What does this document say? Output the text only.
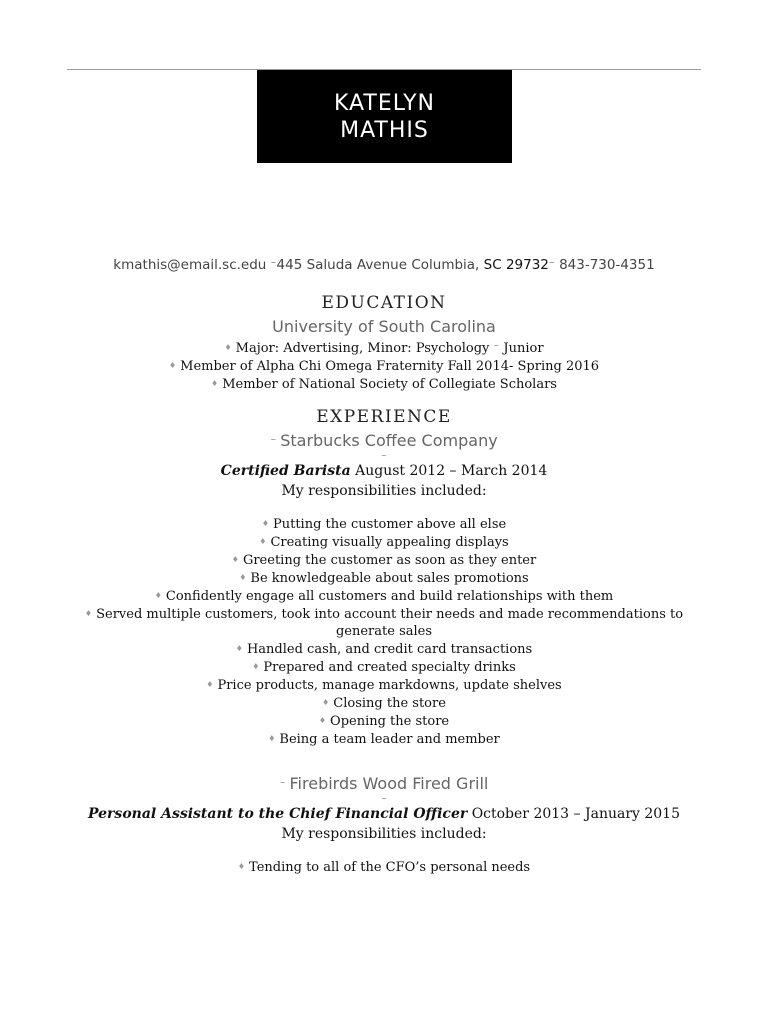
KATELYN
MATHIS
kmathis@email.sc.edu ~445 Saluda Avenue Columbia, SC 29732~ 843-730-4351
EDUCATION
University of South Carolina
♦ Major: Advertising, Minor: Psychology ~ Junior
♦ Member of Alpha Chi Omega Fraternity Fall 2014- Spring 2016
♦ Member of National Society of Collegiate Scholars
EXPERIENCE
~ Starbucks Coffee Company
~
Certified Barista August 2012 – March 2014
My responsibilities included:
♦ Putting the customer above all else
♦ Creating visually appealing displays
♦ Greeting the customer as soon as they enter
♦ Be knowledgeable about sales promotions
♦ Confidently engage all customers and build relationships with them
♦ Served multiple customers, took into account their needs and made recommendations to
generate sales
♦ Handled cash, and credit card transactions
♦ Prepared and created specialty drinks
♦ Price products, manage markdowns, update shelves
♦ Closing the store
♦ Opening the store
♦ Being a team leader and member
~ Firebirds Wood Fired Grill
~
Personal Assistant to the Chief Financial Officer October 2013 – January 2015
My responsibilities included:
♦ Tending to all of the CFO’s personal needs
